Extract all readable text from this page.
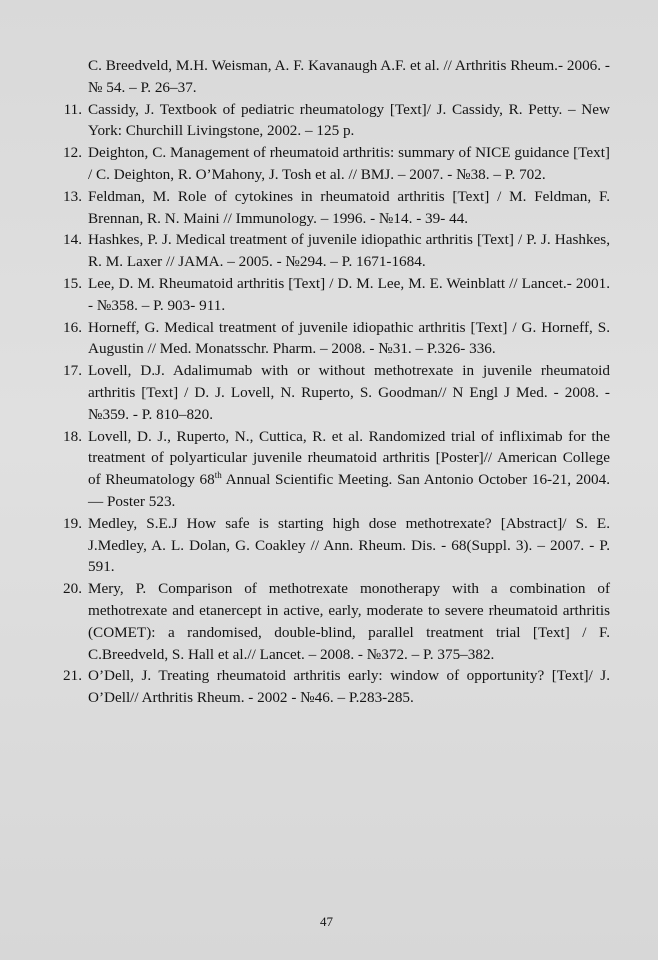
C. Breedveld, M.H. Weisman, A. F. Kavanaugh A.F. et al. // Arthritis Rheum.- 2006. - № 54. – P. 26–37.
11. Cassidy, J. Textbook of pediatric rheumatology [Text]/ J. Cassidy, R. Petty. – New York: Churchill Livingstone, 2002. – 125 p.
12. Deighton, C. Management of rheumatoid arthritis: summary of NICE guidance [Text] / C. Deighton, R. O’Mahony, J. Tosh et al. // BMJ. – 2007. - №38. – P. 702.
13. Feldman, M. Role of cytokines in rheumatoid arthritis [Text] / M. Feldman, F. Brennan, R. N. Maini // Immunology. – 1996. - №14. - 39- 44.
14. Hashkes, P. J. Medical treatment of juvenile idiopathic arthritis [Text] / P. J. Hashkes, R. M. Laxer // JAMA. – 2005. - №294. – P. 1671-1684.
15. Lee, D. M. Rheumatoid arthritis [Text] / D. M. Lee, M. E. Weinblatt // Lancet.- 2001. - №358. – P. 903- 911.
16. Horneff, G. Medical treatment of juvenile idiopathic arthritis [Text] / G. Horneff, S. Augustin // Med. Monatsschr. Pharm. – 2008. - №31. – P.326- 336.
17. Lovell, D.J. Adalimumab with or without methotrexate in juvenile rheumatoid arthritis [Text] / D. J. Lovell, N. Ruperto, S. Goodman// N Engl J Med. - 2008. - №359. - P. 810–820.
18. Lovell, D. J., Ruperto, N., Cuttica, R. et al. Randomized trial of infliximab for the treatment of polyarticular juvenile rheumatoid arthritis [Poster]// American College of Rheumatology 68th Annual Scientific Meeting. San Antonio October 16-21, 2004. — Poster 523.
19. Medley, S.E.J How safe is starting high dose methotrexate? [Abstract]/ S. E. J.Medley, A. L. Dolan, G. Coakley // Ann. Rheum. Dis. - 68(Suppl. 3). – 2007. - P. 591.
20. Mery, P. Comparison of methotrexate monotherapy with a combination of methotrexate and etanercept in active, early, moderate to severe rheumatoid arthritis (COMET): a randomised, double-blind, parallel treatment trial [Text] / F. C.Breedveld, S. Hall et al.// Lancet. – 2008. - №372. – P. 375–382.
21. O’Dell, J. Treating rheumatoid arthritis early: window of opportunity? [Text]/ J. O’Dell// Arthritis Rheum. - 2002 - №46. – P.283-285.
47
